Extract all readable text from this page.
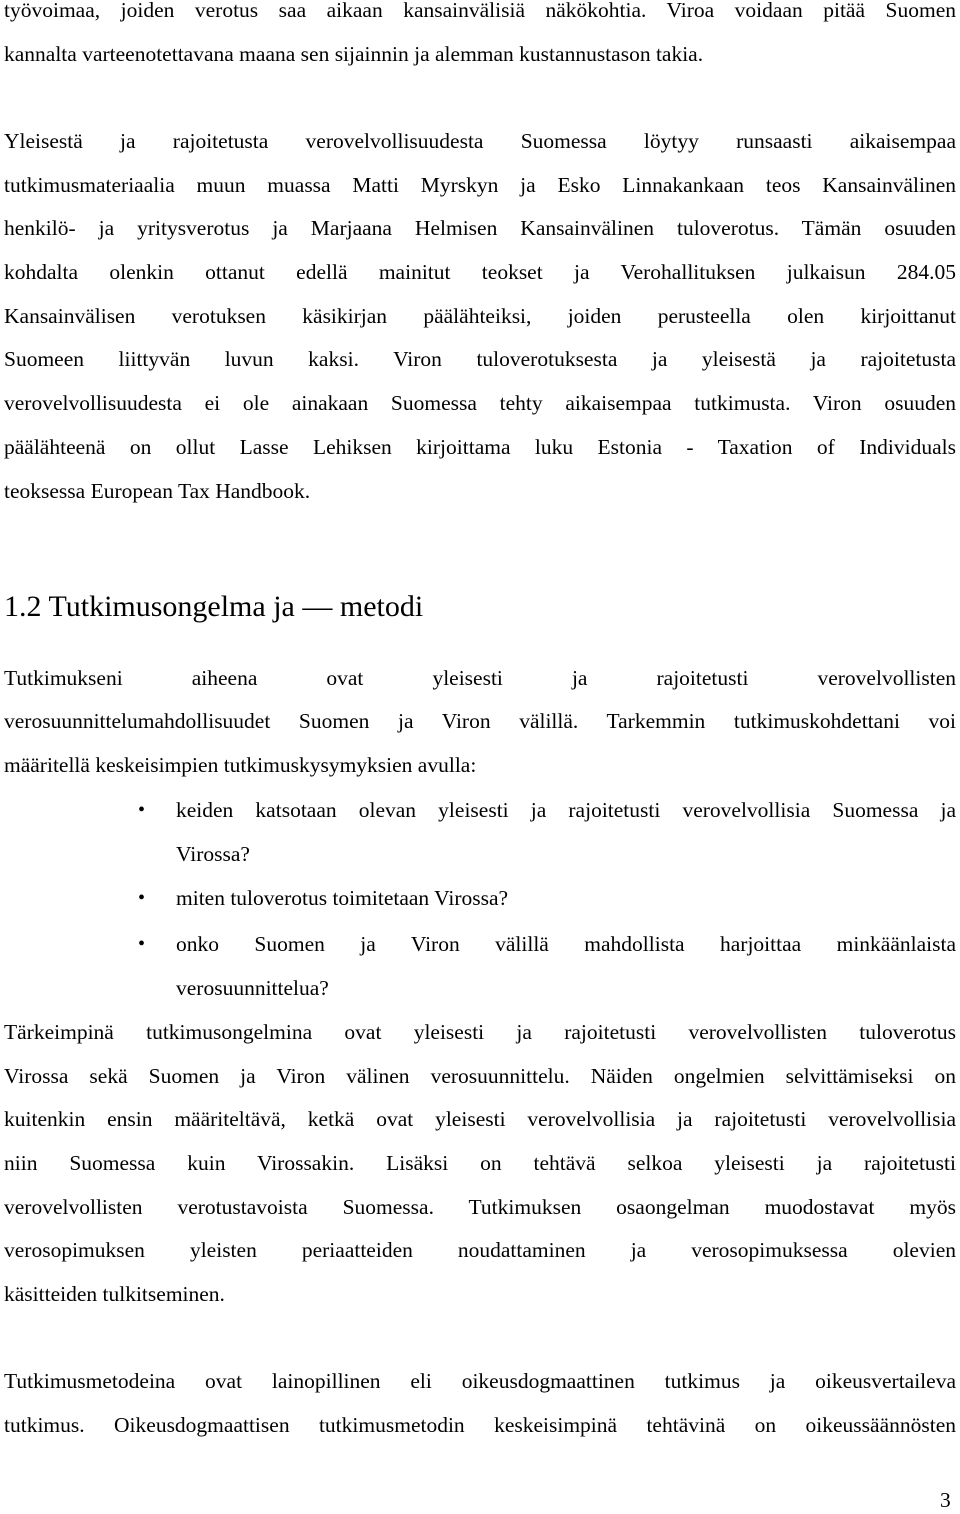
työvoimaa, joiden verotus saa aikaan kansainvälisiä näkökohtia. Viroa voidaan pitää Suomen
kannalta varteenotettavana maana sen sijainnin ja alemman kustannustason takia.
Yleisestä ja rajoitetusta verovelvollisuudesta Suomessa löytyy runsaasti aikaisempaa
tutkimusmateriaalia muun muassa Matti Myrskyn ja Esko Linnakankaan teos Kansainvälinen
henkilö- ja yritysverotus ja Marjaana Helmisen Kansainvälinen tuloverotus. Tämän osuuden
kohdalta olenkin ottanut edellä mainitut teokset ja Verohallituksen julkaisun 284.05
Kansainvälisen verotuksen käsikirjan päälähteiksi, joiden perusteella olen kirjoittanut
Suomeen liittyvän luvun kaksi. Viron tuloverotuksesta ja yleisestä ja rajoitetusta
verovelvollisuudesta ei ole ainakaan Suomessa tehty aikaisempaa tutkimusta. Viron osuuden
päälähteenä on ollut Lasse Lehiksen kirjoittama luku Estonia - Taxation of Individuals
teoksessa European Tax Handbook.
1.2 Tutkimusongelma ja — metodi
Tutkimukseni aiheena ovat yleisesti ja rajoitetusti verovelvollisten
verosuunnittelumahdollisuudet Suomen ja Viron välillä. Tarkemmin tutkimuskohdettani voi
määritellä keskeisimpien tutkimuskysymyksien avulla:
• keiden katsotaan olevan yleisesti ja rajoitetusti verovelvollisia Suomessa ja
Virossa?
• miten tuloverotus toimitetaan Virossa?
• onko Suomen ja Viron välillä mahdollista harjoittaa minkäänlaista
verosuunnittelua?
Tärkeimpinä tutkimusongelmina ovat yleisesti ja rajoitetusti verovelvollisten tuloverotus
Virossa sekä Suomen ja Viron välinen verosuunnittelu. Näiden ongelmien selvittämiseksi on
kuitenkin ensin määriteltävä, ketkä ovat yleisesti verovelvollisia ja rajoitetusti verovelvollisia
niin Suomessa kuin Virossakin. Lisäksi on tehtävä selkoa yleisesti ja rajoitetusti
verovelvollisten verotustavoista Suomessa. Tutkimuksen osaongelman muodostavat myös
verosopimuksen yleisten periaatteiden noudattaminen ja verosopimuksessa olevien
käsitteiden tulkitseminen.
Tutkimusmetodeina ovat lainopillinen eli oikeusdogmaattinen tutkimus ja oikeusvertaileva
tutkimus. Oikeusdogmaattisen tutkimusmetodin keskeisimpinä tehtävinä on oikeussäännösten
3
